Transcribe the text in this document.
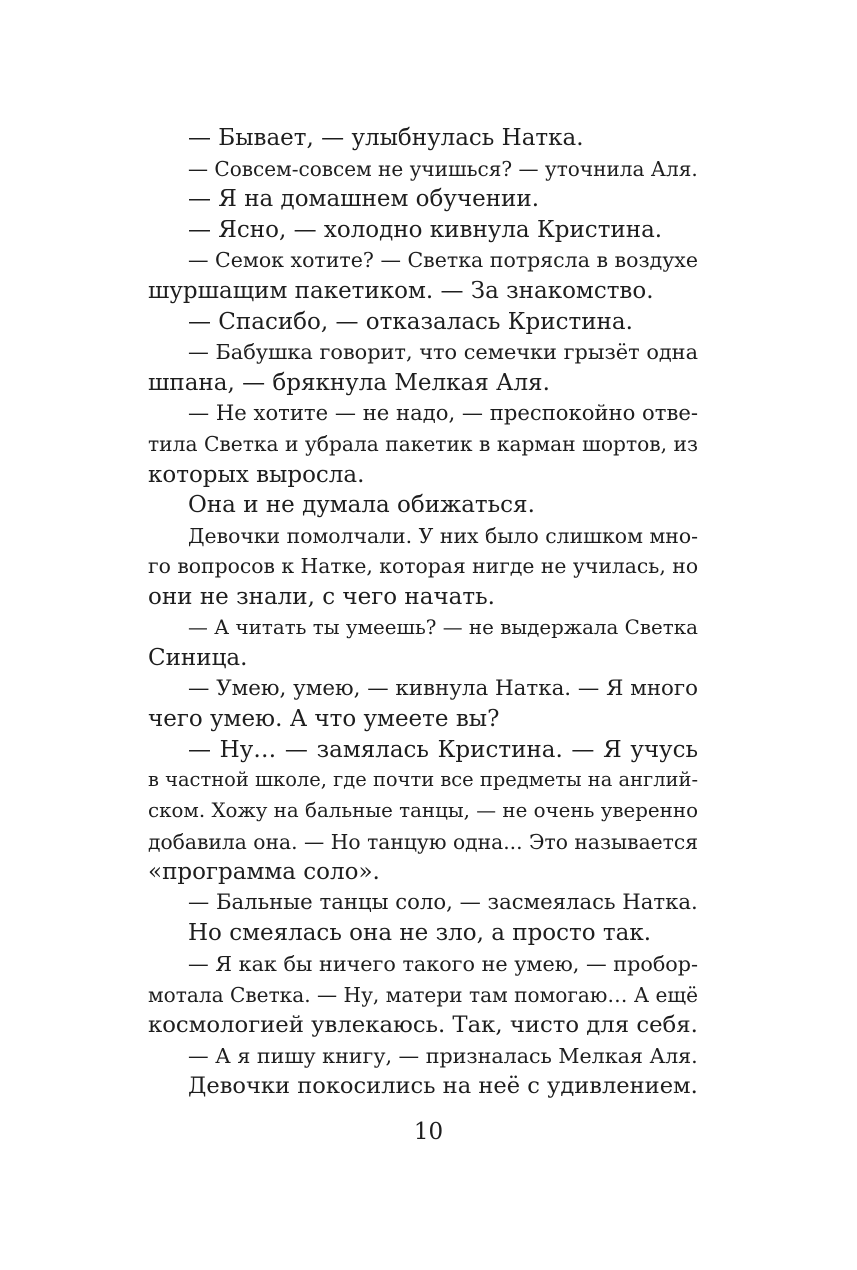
— Бывает, — улыбнулась Натка.
— Совсем-совсем не учишься? — уточнила Аля.
— Я на домашнем обучении.
— Ясно, — холодно кивнула Кристина.
— Семок хотите? — Светка потрясла в воздухе
шуршащим пакетиком. — За знакомство.
— Спасибо, — отказалась Кристина.
— Бабушка говорит, что семечки грызёт одна
шпана, — брякнула Мелкая Аля.
— Не хотите — не надо, — преспокойно отве-
тила Светка и убрала пакетик в карман шортов, из
которых выросла.
Она и не думала обижаться.
Девочки помолчали. У них было слишком мно-
го вопросов к Натке, которая нигде не училась, но
они не знали, с чего начать.
— А читать ты умеешь? — не выдержала Светка
Синица.
— Умею, умею, — кивнула Натка. — Я много
чего умею. А что умеете вы?
— Ну… — замялась Кристина. — Я учусь
в частной школе, где почти все предметы на англий-
ском. Хожу на бальные танцы, — не очень уверенно
добавила она. — Но танцую одна... Это называется
«программа соло».
— Бальные танцы соло, — засмеялась Натка.
Но смеялась она не зло, а просто так.
— Я как бы ничего такого не умею, — пробор-
мотала Светка. — Ну, матери там помогаю… А ещё
космологией увлекаюсь. Так, чисто для себя.
— А я пишу книгу, — призналась Мелкая Аля.
Девочки покосились на неё с удивлением.
10
